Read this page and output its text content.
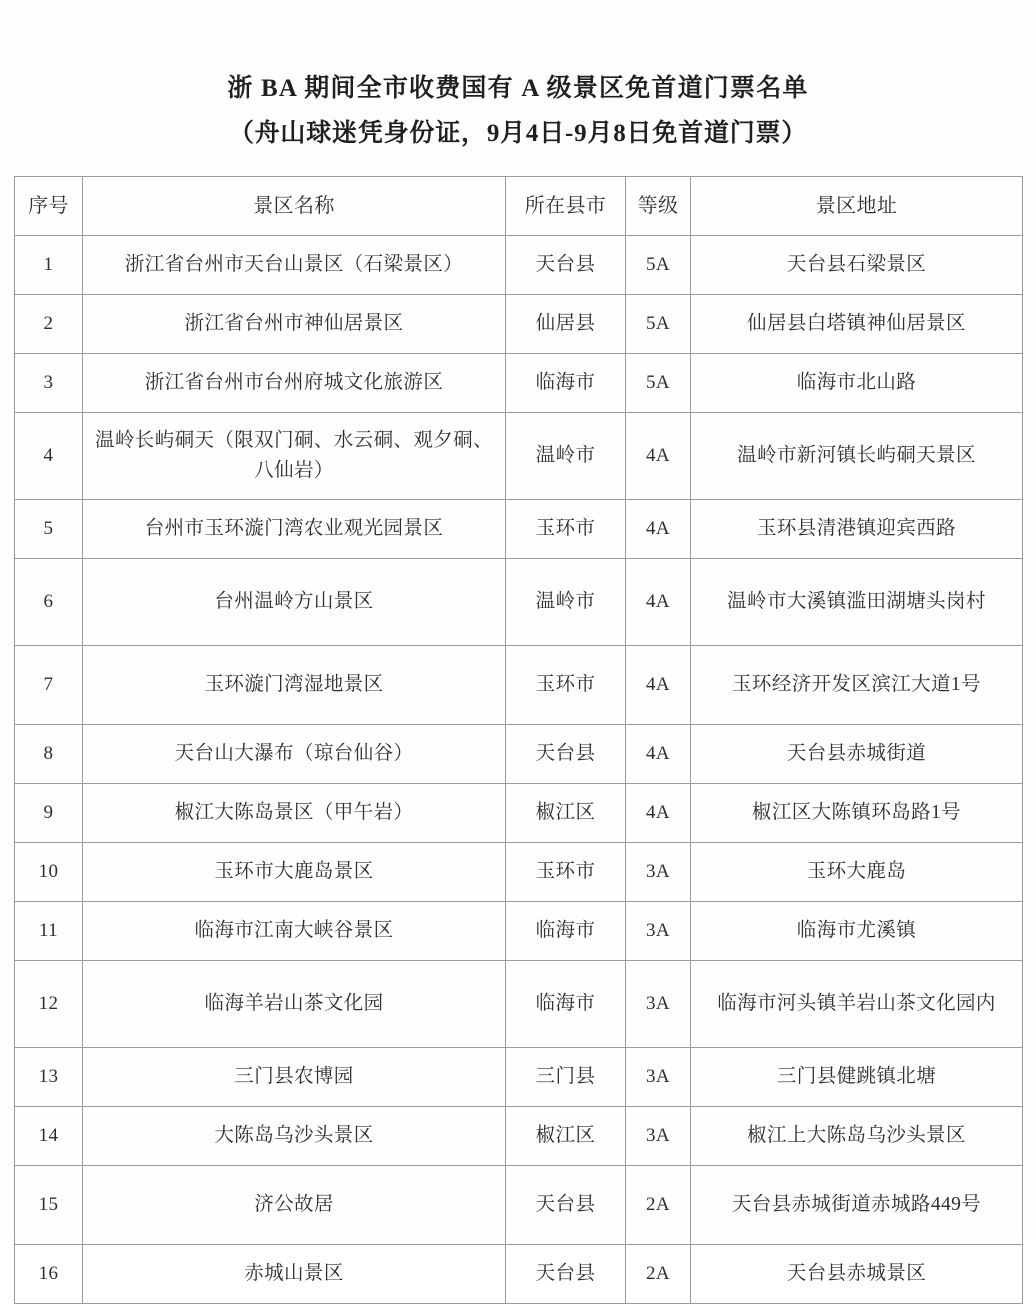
浙 BA 期间全市收费国有 A 级景区免首道门票名单
（舟山球迷凭身份证，9月4日-9月8日免首道门票）
序号	景区名称	所在县市	等级	景区地址
1	浙江省台州市天台山景区（石梁景区）	天台县	5A	天台县石梁景区
2	浙江省台州市神仙居景区	仙居县	5A	仙居县白塔镇神仙居景区
3	浙江省台州市台州府城文化旅游区	临海市	5A	临海市北山路
4	温岭长屿硐天（限双门硐、水云硐、观夕硐、八仙岩）	温岭市	4A	温岭市新河镇长屿硐天景区
5	台州市玉环漩门湾农业观光园景区	玉环市	4A	玉环县清港镇迎宾西路
6	台州温岭方山景区	温岭市	4A	温岭市大溪镇滥田湖塘头岗村
7	玉环漩门湾湿地景区	玉环市	4A	玉环经济开发区滨江大道1号
8	天台山大瀑布（琼台仙谷）	天台县	4A	天台县赤城街道
9	椒江大陈岛景区（甲午岩）	椒江区	4A	椒江区大陈镇环岛路1号
10	玉环市大鹿岛景区	玉环市	3A	玉环大鹿岛
11	临海市江南大峡谷景区	临海市	3A	临海市尤溪镇
12	临海羊岩山茶文化园	临海市	3A	临海市河头镇羊岩山茶文化园内
13	三门县农博园	三门县	3A	三门县健跳镇北塘
14	大陈岛乌沙头景区	椒江区	3A	椒江上大陈岛乌沙头景区
15	济公故居	天台县	2A	天台县赤城街道赤城路449号
16	赤城山景区	天台县	2A	天台县赤城景区
